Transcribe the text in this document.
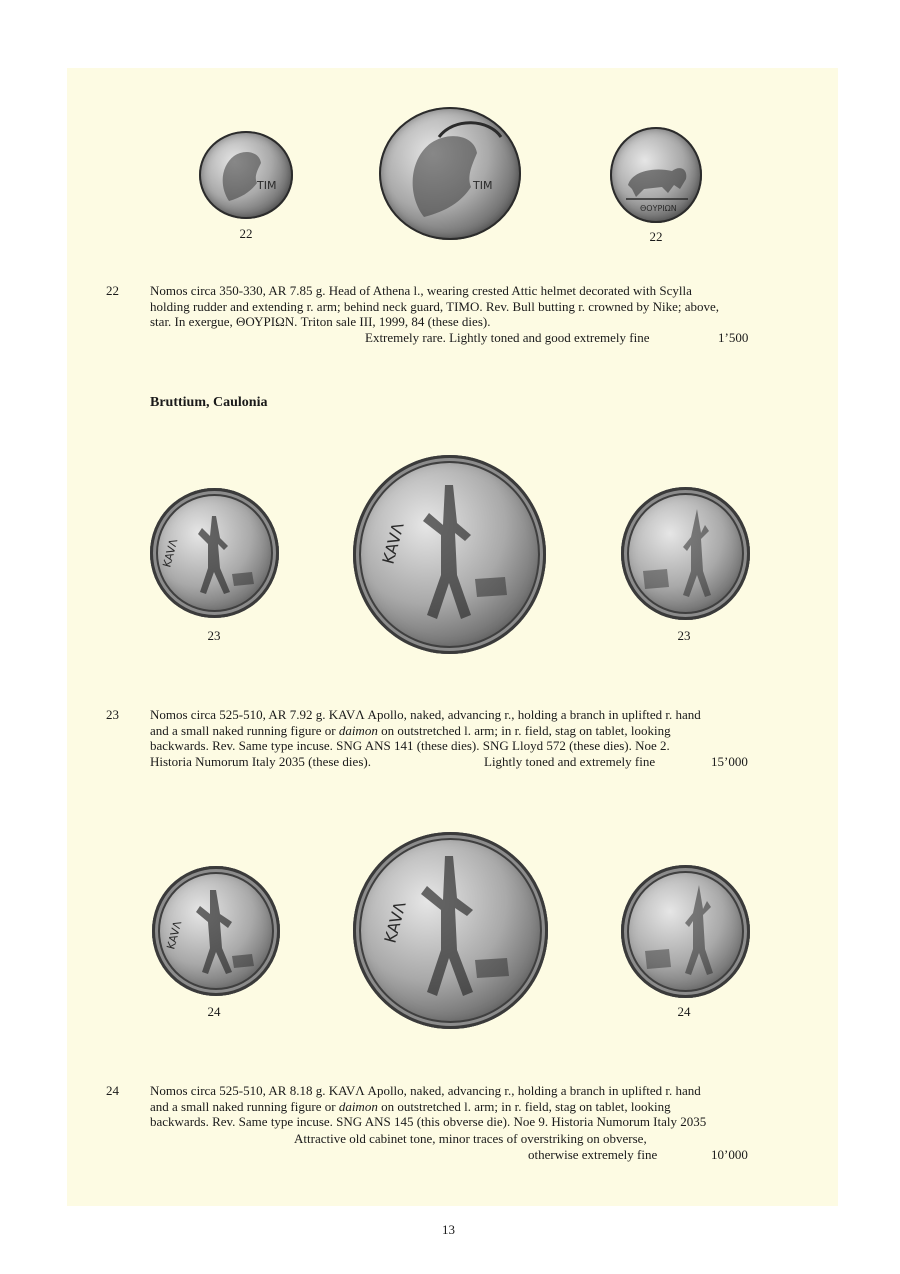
TIM	TIM
ΘΟΥΡΙΩΝ
22	22
22 Nomos circa 350-330, AR 7.85 g. Head of Athena l., wearing crested Attic helmet decorated with Scylla

holding rudder and extending r. arm; behind neck guard, TIMO. Rev. Bull butting r. crowned by Nike; above,

star. In exergue, ΘΟΥΡΙΩΝ. Triton sale III, 1999, 84 (these dies).

Extremely rare. Lightly toned and good extremely fine	1’500
Bruttium, Caulonia
KAVΛ	KAVΛ
23	23
23 Nomos circa 525-510, AR 7.92 g. KAVΛ Apollo, naked, advancing r., holding a branch in uplifted r. hand

and a small naked running figure or daimon on outstretched l. arm; in r. field, stag on tablet, looking

backwards. Rev. Same type incuse. SNG ANS 141 (these dies). SNG Lloyd 572 (these dies). Noe 2.

Historia Numorum Italy 2035 (these dies).	Lightly toned and extremely fine	15’000
KAVΛ	KAVΛ
24	24
24 Nomos circa 525-510, AR 8.18 g. KAVΛ Apollo, naked, advancing r., holding a branch in uplifted r. hand

and a small naked running figure or daimon on outstretched l. arm; in r. field, stag on tablet, looking

backwards. Rev. Same type incuse. SNG ANS 145 (this obverse die). Noe 9. Historia Numorum Italy 2035

Attractive old cabinet tone, minor traces of overstriking on obverse,
otherwise extremely fine	10’000
13
